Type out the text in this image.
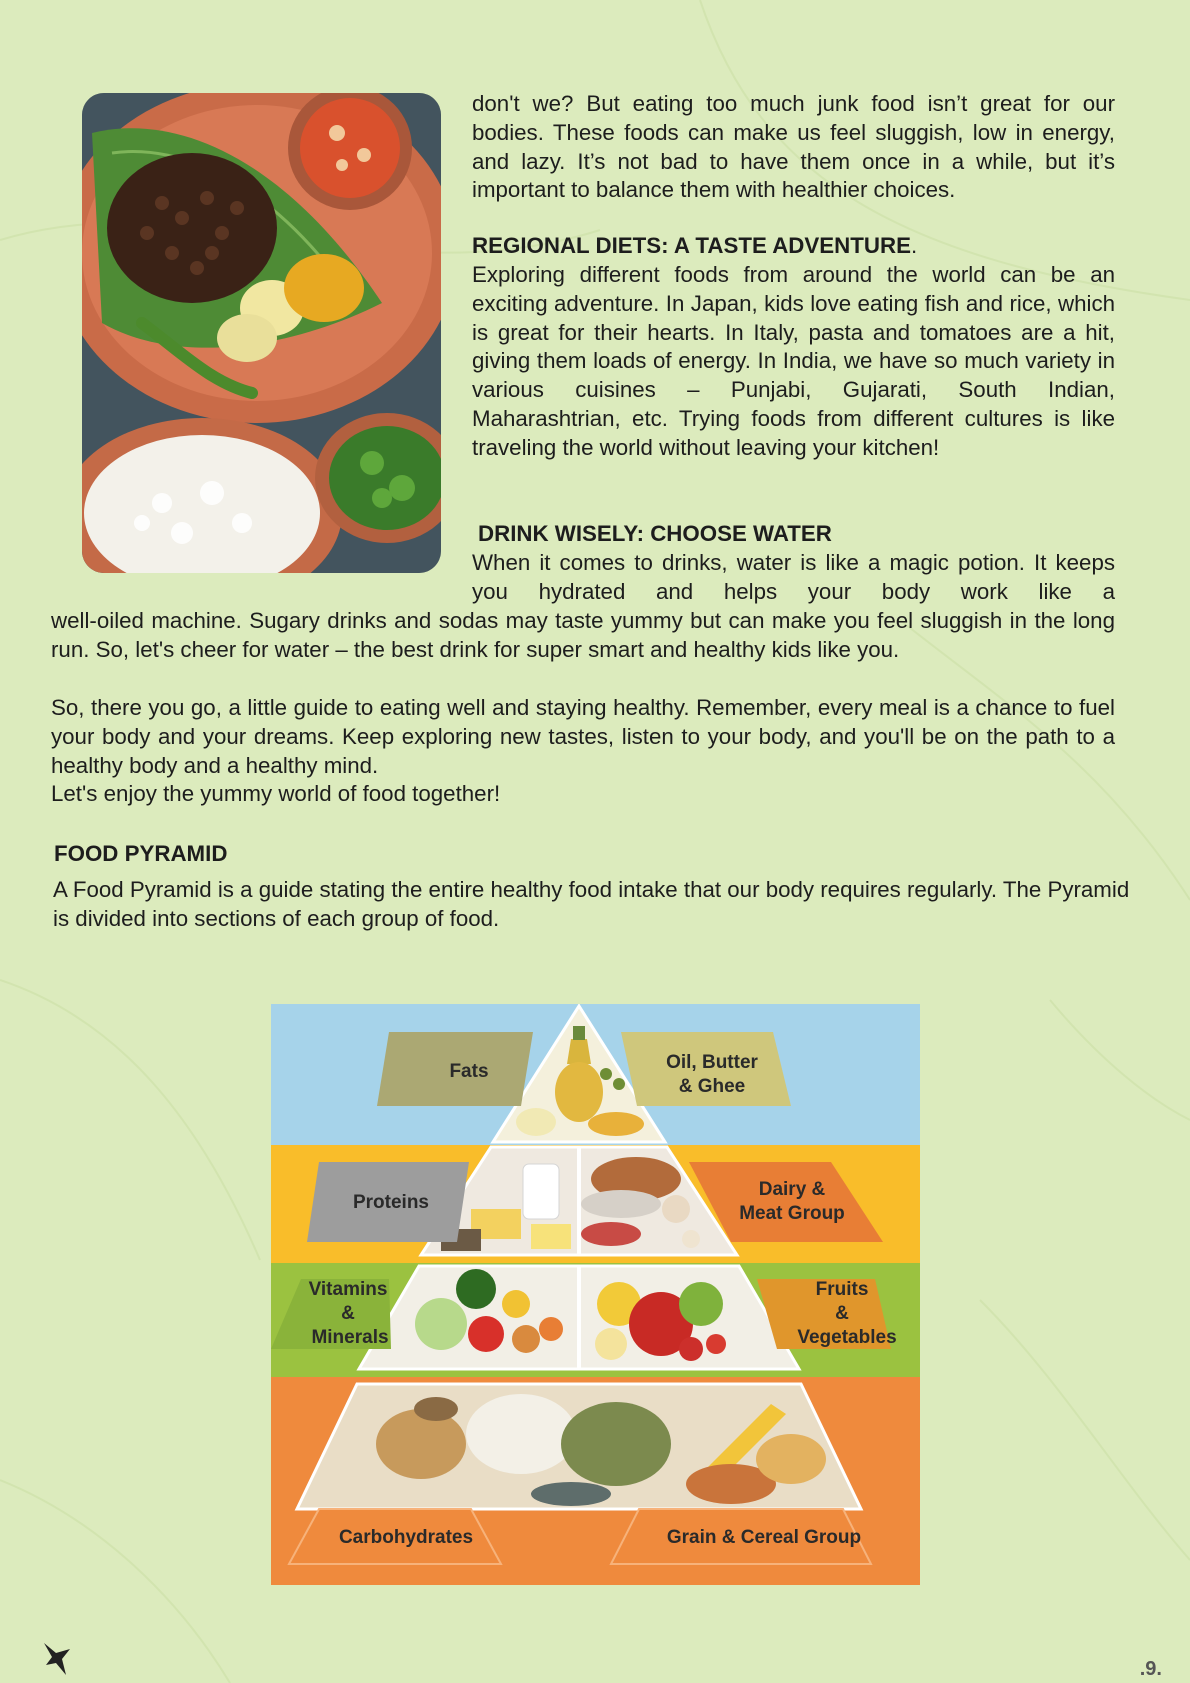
don't we? But eating too much junk food isn’t great for our bodies. These foods can make us feel sluggish, low in energy, and lazy. It’s not bad to have them once in a while, but it’s important to balance them with healthier choices.

REGIONAL DIETS: A TASTE ADVENTURE.

Exploring different foods from around the world can be an exciting adventure. In Japan, kids love eating fish and rice, which is great for their hearts. In Italy, pasta and tomatoes are a hit, giving them loads of energy. In India, we have so much variety in various cuisines – Punjabi, Gujarati, South Indian, Maharashtrian, etc. Trying foods from different cultures is like traveling the world without leaving your kitchen!

DRINK WISELY: CHOOSE WATER

When it comes to drinks, water is like a magic potion. It keeps you hydrated and helps your body work like a

well-oiled machine. Sugary drinks and sodas may taste yummy but can make you feel sluggish in the long run. So, let's cheer for water – the best drink for super smart and healthy kids like you.

So, there you go, a little guide to eating well and staying healthy. Remember, every meal is a chance to fuel your body and your dreams. Keep exploring new tastes, listen to your body, and you'll be on the path to a healthy body and a healthy mind.

Let's enjoy the yummy world of food together!

FOOD PYRAMID

A Food Pyramid is a guide stating the entire healthy food intake that our body requires regularly. The Pyramid is divided into sections of each group of food.

Fats	Oil, Butter
& Ghee
Proteins
Dairy &
Meat Group
Vitamins
&
Minerals
Fruits
&
Vegetables
Carbohydrates	Grain & Cereal Group
.9.
